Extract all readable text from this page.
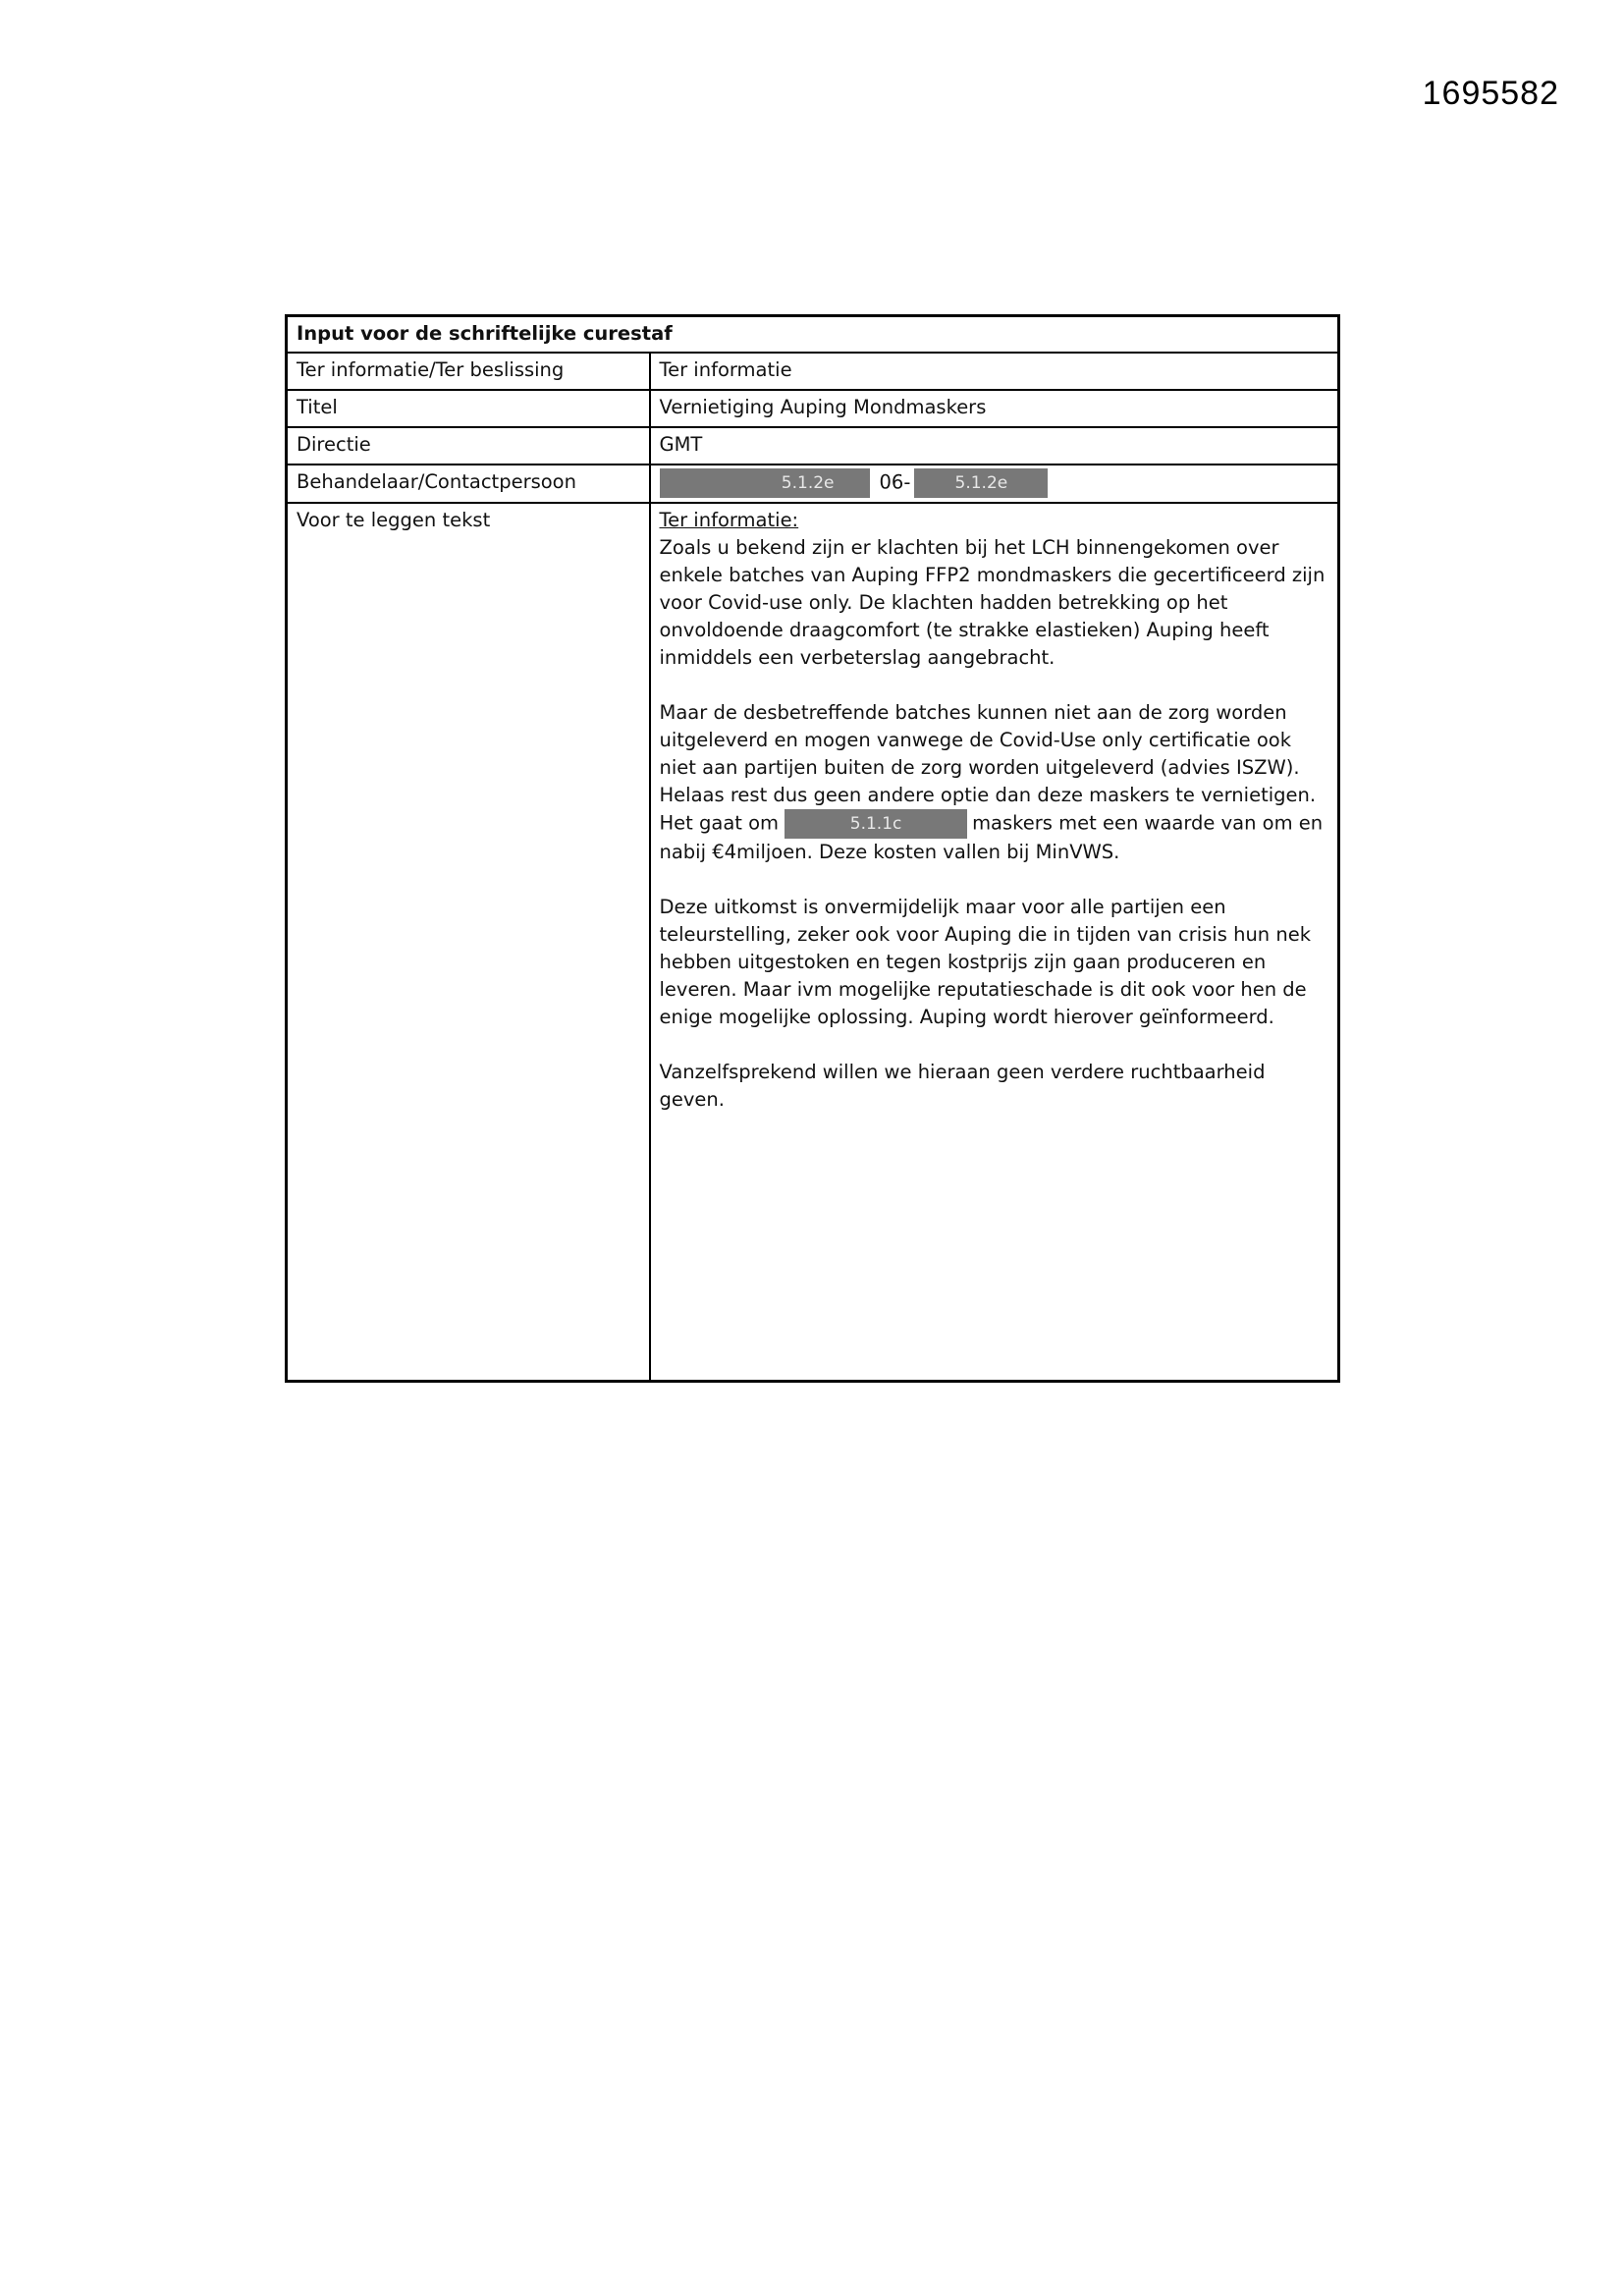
1695582
Input voor de schriftelijke curestaf	
Ter informatie/Ter beslissing	Ter informatie
Titel	Vernietiging Auping Mondmaskers
Directie	GMT
Behandelaar/Contactpersoon	5.1.2e 06- 5.1.2e
Voor te leggen tekst	Ter informatie:

Zoals u bekend zijn er klachten bij het LCH binnengekomen over enkele batches van Auping FFP2 mondmaskers die gecertificeerd zijn voor Covid-use only. De klachten hadden betrekking op het onvoldoende draagcomfort (te strakke elastieken) Auping heeft inmiddels een verbeterslag aangebracht.

Maar de desbetreffende batches kunnen niet aan de zorg worden uitgeleverd en mogen vanwege de Covid-Use only certificatie ook niet aan partijen buiten de zorg worden uitgeleverd (advies ISZW).

Helaas rest dus geen andere optie dan deze maskers te vernietigen. Het gaat om	5.1.1c	maskers met een waarde van om en nabij €4miljoen. Deze kosten vallen bij MinVWS.

Deze uitkomst is onvermijdelijk maar voor alle partijen een teleurstelling, zeker ook voor Auping die in tijden van crisis hun nek hebben uitgestoken en tegen kostprijs zijn gaan produceren en leveren. Maar ivm mogelijke reputatieschade is dit ook voor hen de enige mogelijke oplossing. Auping wordt hierover geïnformeerd.

Vanzelfsprekend willen we hieraan geen verdere ruchtbaarheid geven.
